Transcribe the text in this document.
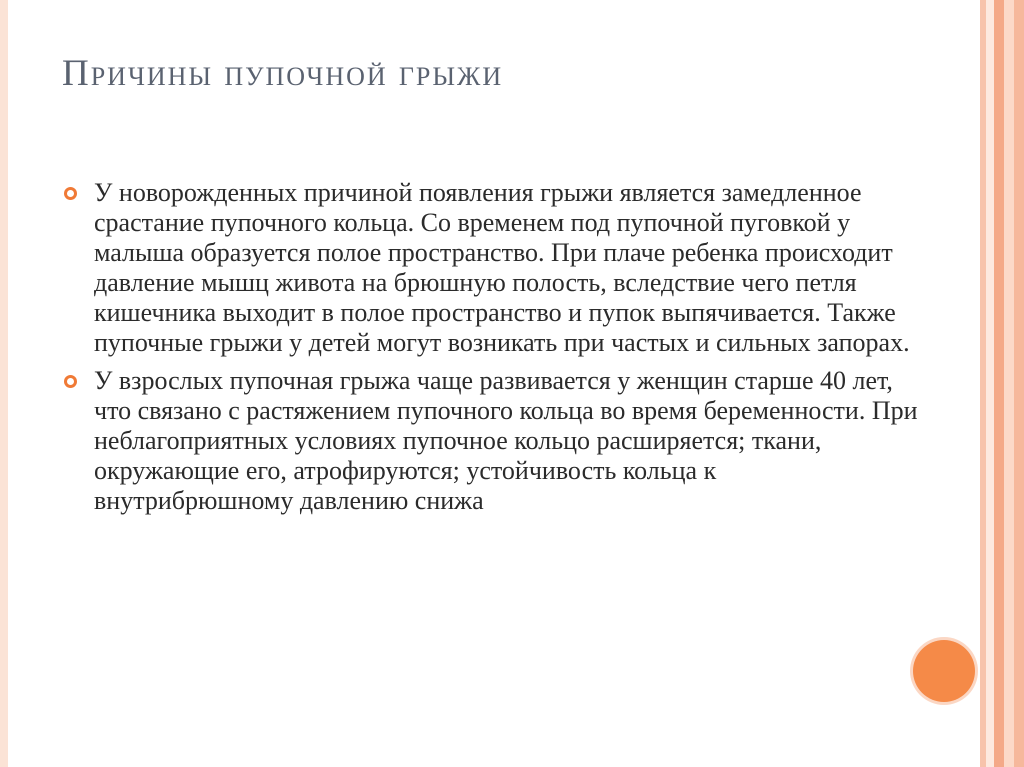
Причины пупочной грыжи
У новорожденных причиной появления грыжи является замедленное срастание пупочного кольца. Со временем под пупочной пуговкой у малыша образуется полое пространство. При плаче ребенка происходит давление мышц живота на брюшную полость, вследствие чего петля кишечника выходит в полое пространство и пупок выпячивается. Также пупочные грыжи у детей могут возникать при частых и сильных запорах.
У взрослых пупочная грыжа чаще развивается у женщин старше 40 лет, что связано с растяжением пупочного кольца во время беременности. При неблагоприятных условиях пупочное кольцо расширяется; ткани, окружающие его, атрофируются; устойчивость кольца к внутрибрюшному давлению снижа
